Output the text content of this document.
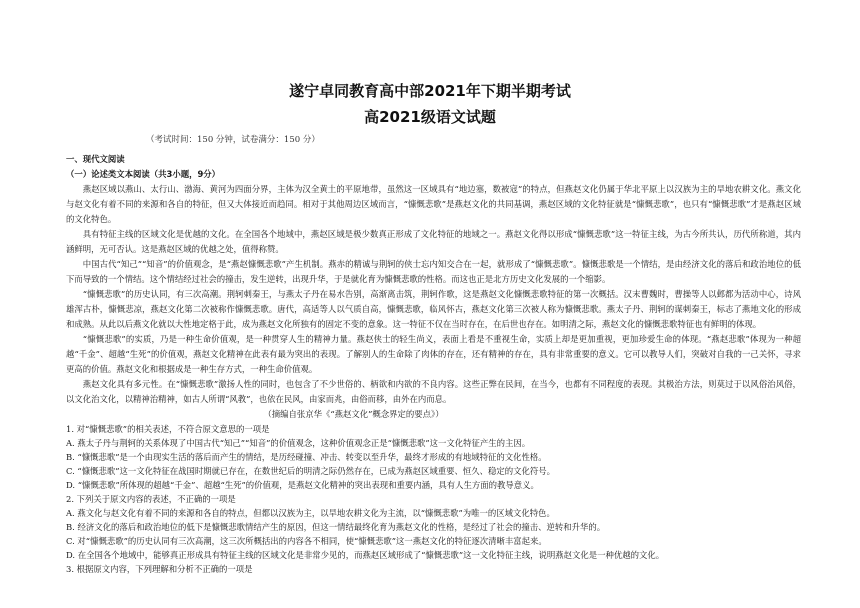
遂宁卓同教育高中部2021年下期半期考试
高2021级语文试题
（考试时间：150 分钟，试卷满分：150 分）

一、现代文阅读

（一）论述类文本阅读（共3小题，9分）

燕赵区域以燕山、太行山、渤海、黄河为四面分界，主体为汉全黄土的平原地带，虽然这一区域具有“地边塞，数被寇”的特点，但燕赵文化仍属于华北平原上以汉族为主的旱地农耕文化。燕文化与赵文化有着不同的来源和各自的特征，但又大体接近而趋同。相对于其他周边区域而言，“慷慨悲歌”是燕赵文化的共同基调，燕赵区域的文化特征就是“慷慨悲歌”，也只有“慷慨悲歌”才是燕赵区域的文化特色。

具有特征主线的区域文化是优越的文化。在全国各个地域中，燕赵区域是极少数真正形成了文化特征的地域之一。燕赵文化得以形成“慷慨悲歌”这一特征主线，为古今所共认，历代所称道，其内涵鲜明，无可否认。这是燕赵区域的优越之处，值得称赞。

中国古代“知己”“知音”的价值观念，是“燕赵慷慨悲歌”产生机制。燕赤的精诚与荆轲的侠士忘内知交合在一起，就形成了“慷慨悲歌”。慷慨悲歌是一个情结，是由经济文化的落后和政治地位的低下而导致的一个情结。这个情结经过社会的撞击，发生逆转，出现升华，于是就化育为慷慨悲歌的性格。而这也正是北方历史文化发展的一个缩影。

“慷慨悲歌”的历史认同，有三次高潮。荆轲刺秦王，与燕太子丹在易水告别，高渐离击筑，荆轲作歌，这是燕赵文化慷慨悲歌特征的第一次概括。汉末曹魏时，曹操等人以邺都为活动中心，诗风雄浑古朴，慷慨悲凉，燕赵文化第二次被称作慷慨悲歌。唐代，高适等人以气质自高，慷慨悲歌，临风怀古，燕赵文化第三次被人称为慷慨悲歌。燕太子丹、荆轲的谋刺秦王，标志了燕地文化的形成和成熟。从此以后燕文化就以大性地定格于此，成为燕赵文化所独有的固定不变的意象。这一特征不仅在当时存在，在后世也存在。如明清之际，燕赵文化的慷慨悲歌特征也有鲜明的体现。

“慷慨悲歌”的实质，乃是一种生命价值观，是一种贯穿人生的精神力量。燕赵侠士的轻生尚义，表面上看是不重视生命，实质上却是更加重视，更加珍爱生命的体现。“燕赵悲歌”体现为一种超越“千金”、超越“生死”的价值观，燕赵文化精神在此表有最为突出的表现。了解别人的生命除了肉体的存在，还有精神的存在，具有非常重要的意义。它可以教导人们，突破对自我的一己关怀，寻求更高的价值。燕赵文化和根据成是一种生存方式，一种生命价值观。

燕赵文化具有多元性。在“慷慨悲歌”激扬人性的同时，也包含了不少世俗的、柄欲和内欲的不良内容。这些正弊在民间，在当今，也都有不同程度的表现。其极治方法，则莫过于以风俗治风俗，以文化治文化，以精神治精神，如古人所谓“风教”，也依在民风，由家而兆，由俗而移，由外在内而息。

（摘编自张京华《“燕赵文化”概念界定的要点》）

1. 对“慷慨悲歌”的相关表述，不符合原文意思的一项是

A. 燕太子丹与荆轲的关系体现了中国古代“知己”“知音”的价值观念，这种价值观念正是“慷慨悲歌”这一文化特征产生的主因。

B. “慷慨悲歌”是一个由现实生活的落后而产生的情结，是历经碰撞、冲击、转变以至升华，最终才形成的有地域特征的文化性格。

C. “慷慨悲歌”这一文化特征在战国时期就已存在，在数世纪后的明清之际仍然存在，已成为燕赵区域重要、恒久、稳定的文化符号。

D. “慷慨悲歌”所体现的超越“千金”、超越“生死”的价值观，是燕赵文化精神的突出表现和重要内涵，具有人生方面的教导意义。

2. 下列关于原文内容的表述，不正确的一项是

A. 燕文化与赵文化有着不同的来源和各自的特点，但都以汉族为主，以旱地农耕文化为主流，以“慷慨悲歌”为唯一的区域文化特色。

B. 经济文化的落后和政治地位的低下是慷慨悲歌情结产生的原因，但这一情结最终化育为燕赵文化的性格，是经过了社会的撞击、逆转和升华的。

C. 对“慷慨悲歌”的历史认同有三次高潮，这三次所概括出的内容各不相同，使“慷慨悲歌”这一燕赵文化的特征逐次清晰丰富起来。

D. 在全国各个地域中，能够真正形成具有特征主线的区域文化是非常少见的，而燕赵区域形成了“慷慨悲歌”这一文化特征主线，说明燕赵文化是一种优越的文化。

3. 根据原文内容，下列理解和分析不正确的一项是
